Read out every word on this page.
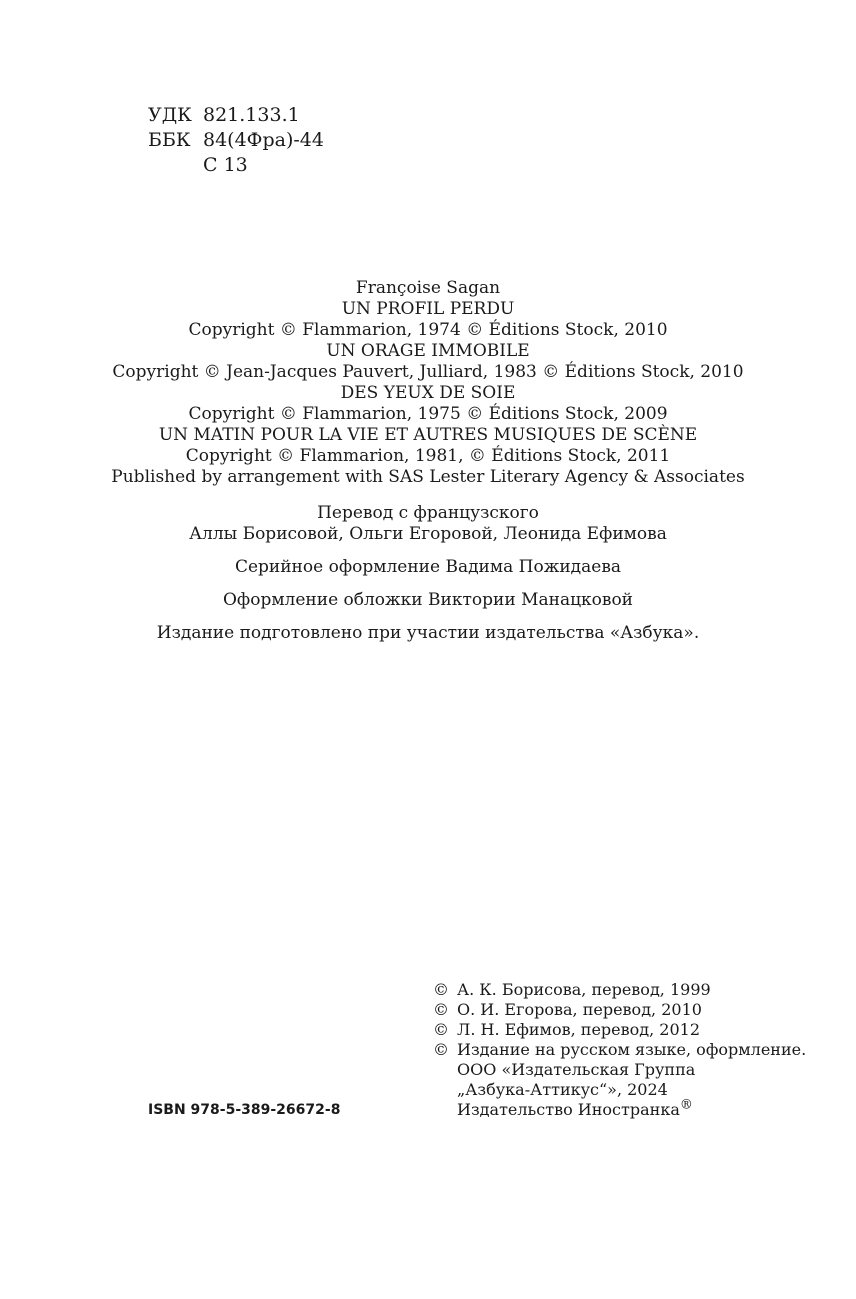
УДК 821.133.1
ББК 84(4Фра)-44
С 13
Françoise Sagan
UN PROFIL PERDU
Copyright © Flammarion, 1974 © Éditions Stock, 2010
UN ORAGE IMMOBILE
Copyright © Jean-Jacques Pauvert, Julliard, 1983 © Éditions Stock, 2010
DES YEUX DE SOIE
Copyright © Flammarion, 1975 © Éditions Stock, 2009
UN MATIN POUR LA VIE ET AUTRES MUSIQUES DE SCÈNE
Copyright © Flammarion, 1981, © Éditions Stock, 2011
Published by arrangement with SAS Lester Literary Agency & Associates
Перевод с французского
Аллы Борисовой, Ольги Егоровой, Леонида Ефимова
Серийное оформление Вадима Пожидаева
Оформление обложки Виктории Манацковой
Издание подготовлено при участии издательства «Азбука».
© А. К. Борисова, перевод, 1999
© О. И. Егорова, перевод, 2010
© Л. Н. Ефимов, перевод, 2012
© Издание на русском языке, оформление.
ООО «Издательская Группа
„Азбука-Аттикус“», 2024
Издательство Иностранка®
ISBN 978-5-389-26672-8
